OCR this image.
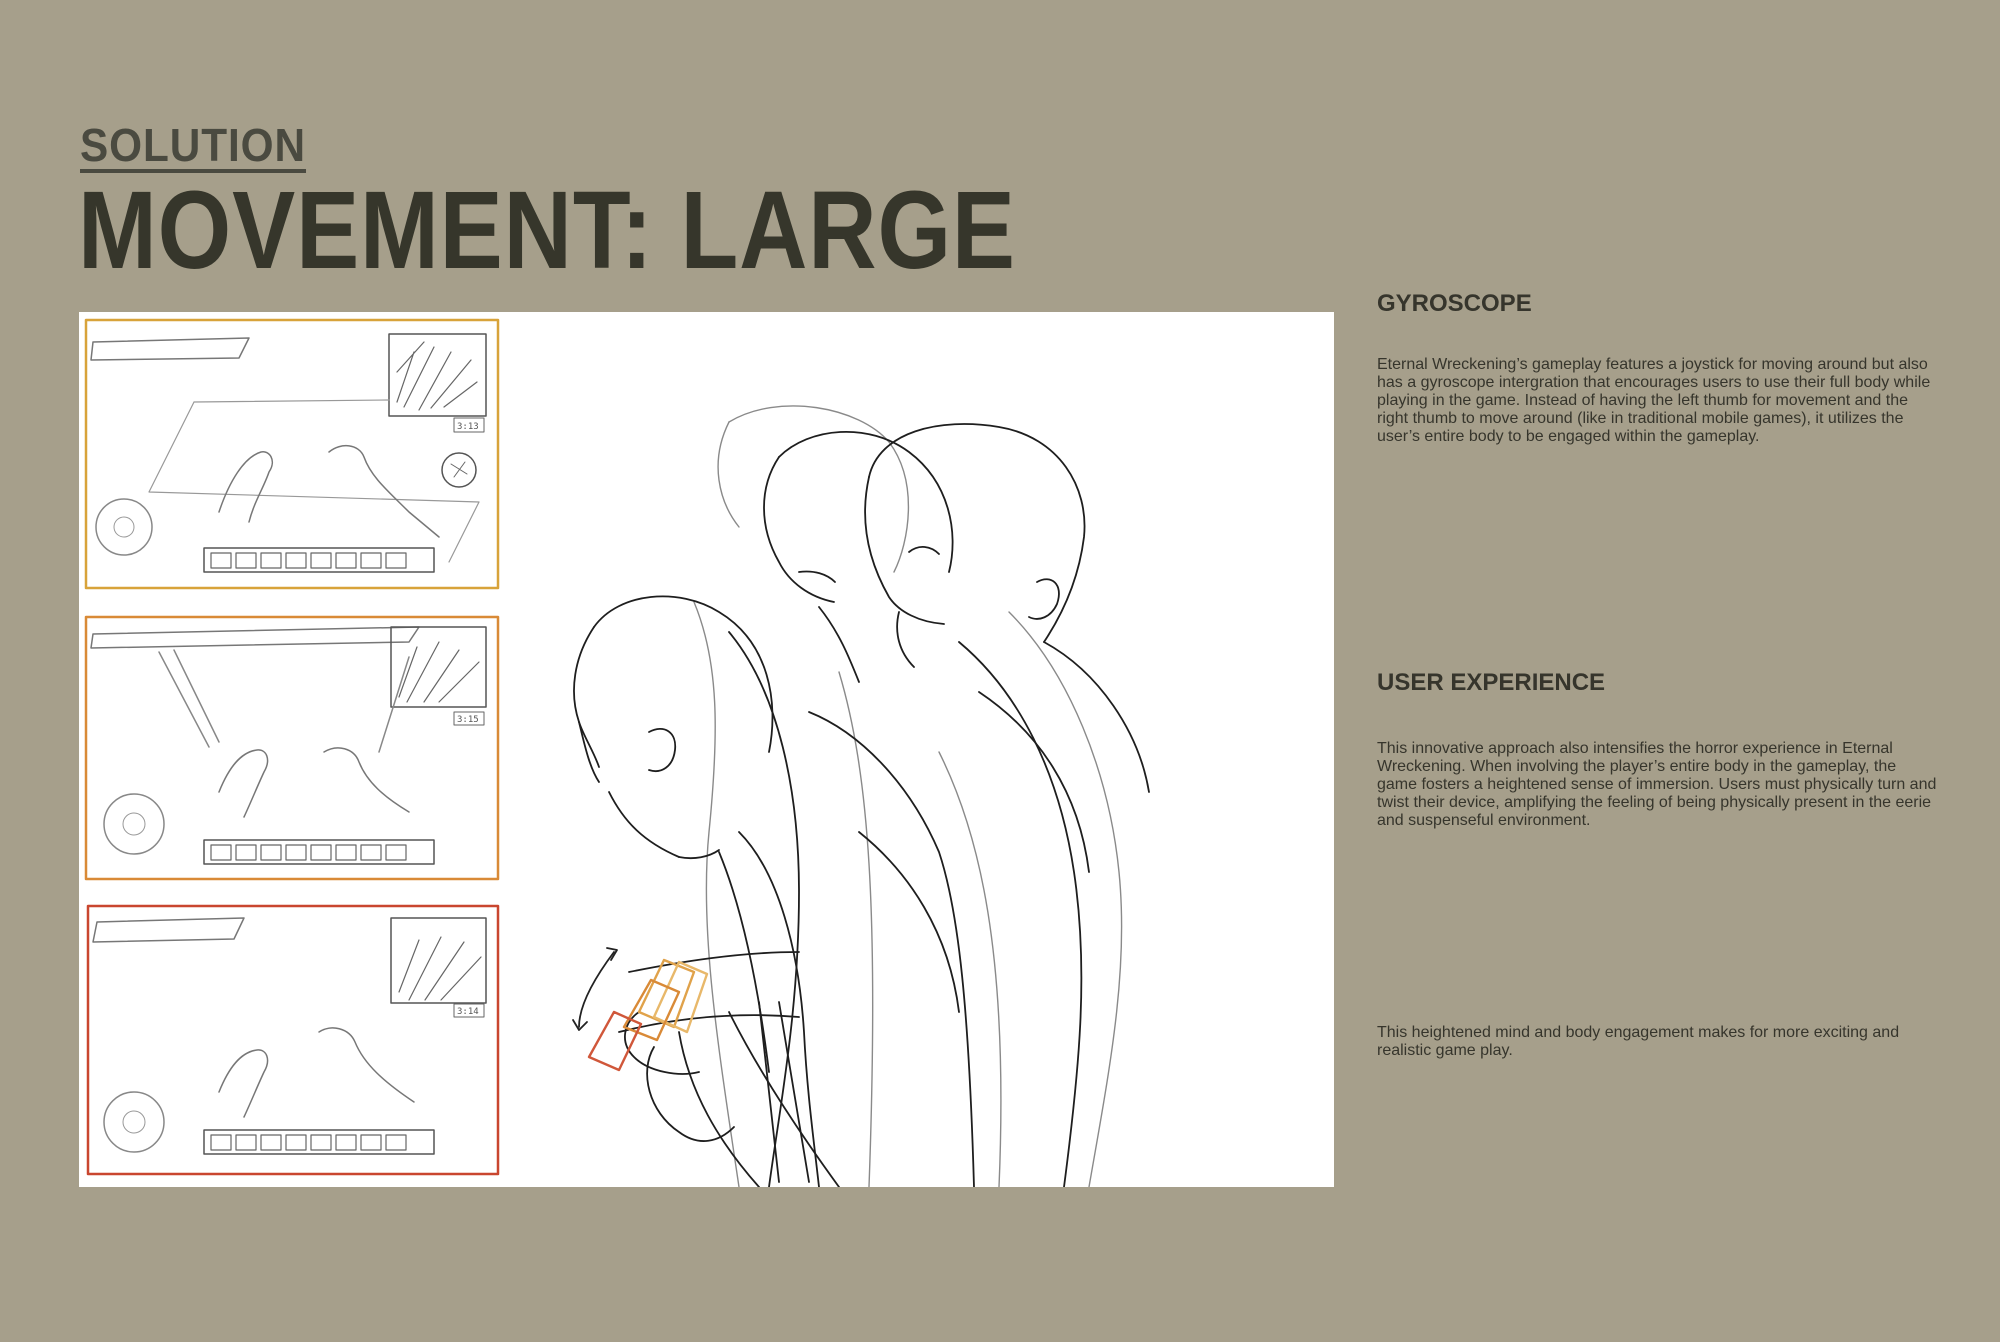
SOLUTION
MOVEMENT: LARGE
3:13
3:15
3:14
GYROSCOPE

Eternal Wreckening’s gameplay features a joystick for moving around but also has a gyroscope intergration that encourages users to use their full body while playing in the game. Instead of having the left thumb for movement and the right thumb to move around (like in traditional mobile games), it utilizes the user’s entire body to be engaged within the gameplay.

USER EXPERIENCE

This innovative approach also intensifies the horror experience in Eternal Wreckening. When involving the player’s entire body in the gameplay, the game fosters a heightened sense of immersion. Users must physically turn and twist their device, amplifying the feeling of being physically present in the eerie and suspenseful environment.

This heightened mind and body engagement makes for more exciting and realistic game play.
